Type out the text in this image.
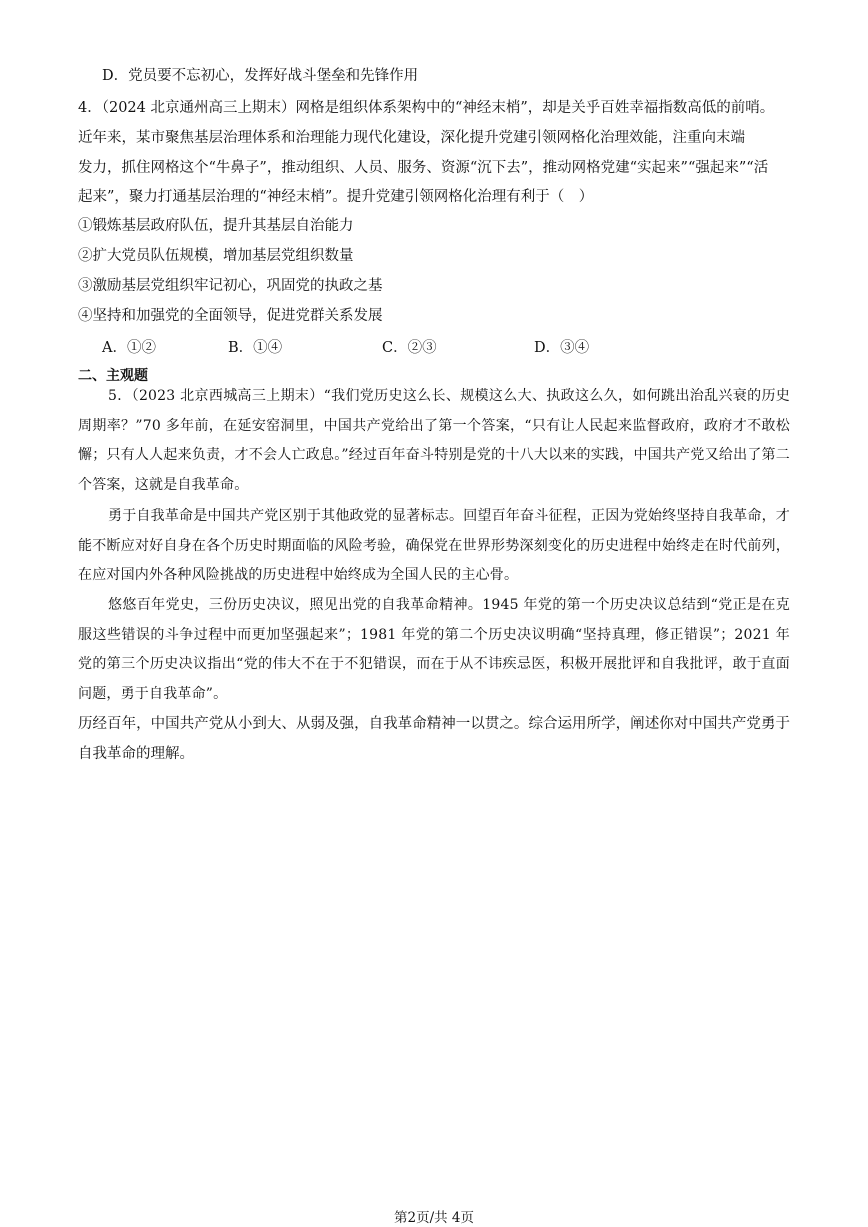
D．党员要不忘初心，发挥好战斗堡垒和先锋作用
4．（2024 北京通州高三上期末）网格是组织体系架构中的“神经末梢”，却是关乎百姓幸福指数高低的前哨。
近年来，某市聚焦基层治理体系和治理能力现代化建设，深化提升党建引领网格化治理效能，注重向末端
发力，抓住网格这个“牛鼻子”，推动组织、人员、服务、资源“沉下去”，推动网格党建“实起来”“强起来”“活
起来”，聚力打通基层治理的“神经末梢”。提升党建引领网格化治理有利于（　）
①锻炼基层政府队伍，提升其基层自治能力
②扩大党员队伍规模，增加基层党组织数量
③激励基层党组织牢记初心，巩固党的执政之基
④坚持和加强党的全面领导，促进党群关系发展
A．①②	B．①④	C．②③	D．③④
二、主观题
5．（2023 北京西城高三上期末）“我们党历史这么长、规模这么大、执政这么久，如何跳出治乱兴衰的历史周期率？”70 多年前，在延安窑洞里，中国共产党给出了第一个答案，“只有让人民起来监督政府，政府才不敢松懈；只有人人起来负责，才不会人亡政息。”经过百年奋斗特别是党的十八大以来的实践，中国共产党又给出了第二个答案，这就是自我革命。
勇于自我革命是中国共产党区别于其他政党的显著标志。回望百年奋斗征程，正因为党始终坚持自我革命，才能不断应对好自身在各个历史时期面临的风险考验，确保党在世界形势深刻变化的历史进程中始终走在时代前列，在应对国内外各种风险挑战的历史进程中始终成为全国人民的主心骨。
悠悠百年党史，三份历史决议，照见出党的自我革命精神。1945 年党的第一个历史决议总结到“党正是在克服这些错误的斗争过程中而更加坚强起来”；1981 年党的第二个历史决议明确“坚持真理，修正错误”；2021 年党的第三个历史决议指出“党的伟大不在于不犯错误，而在于从不讳疾忌医，积极开展批评和自我批评，敢于直面问题，勇于自我革命”。
历经百年，中国共产党从小到大、从弱及强，自我革命精神一以贯之。综合运用所学，阐述你对中国共产党勇于自我革命的理解。
第2页/共 4页
